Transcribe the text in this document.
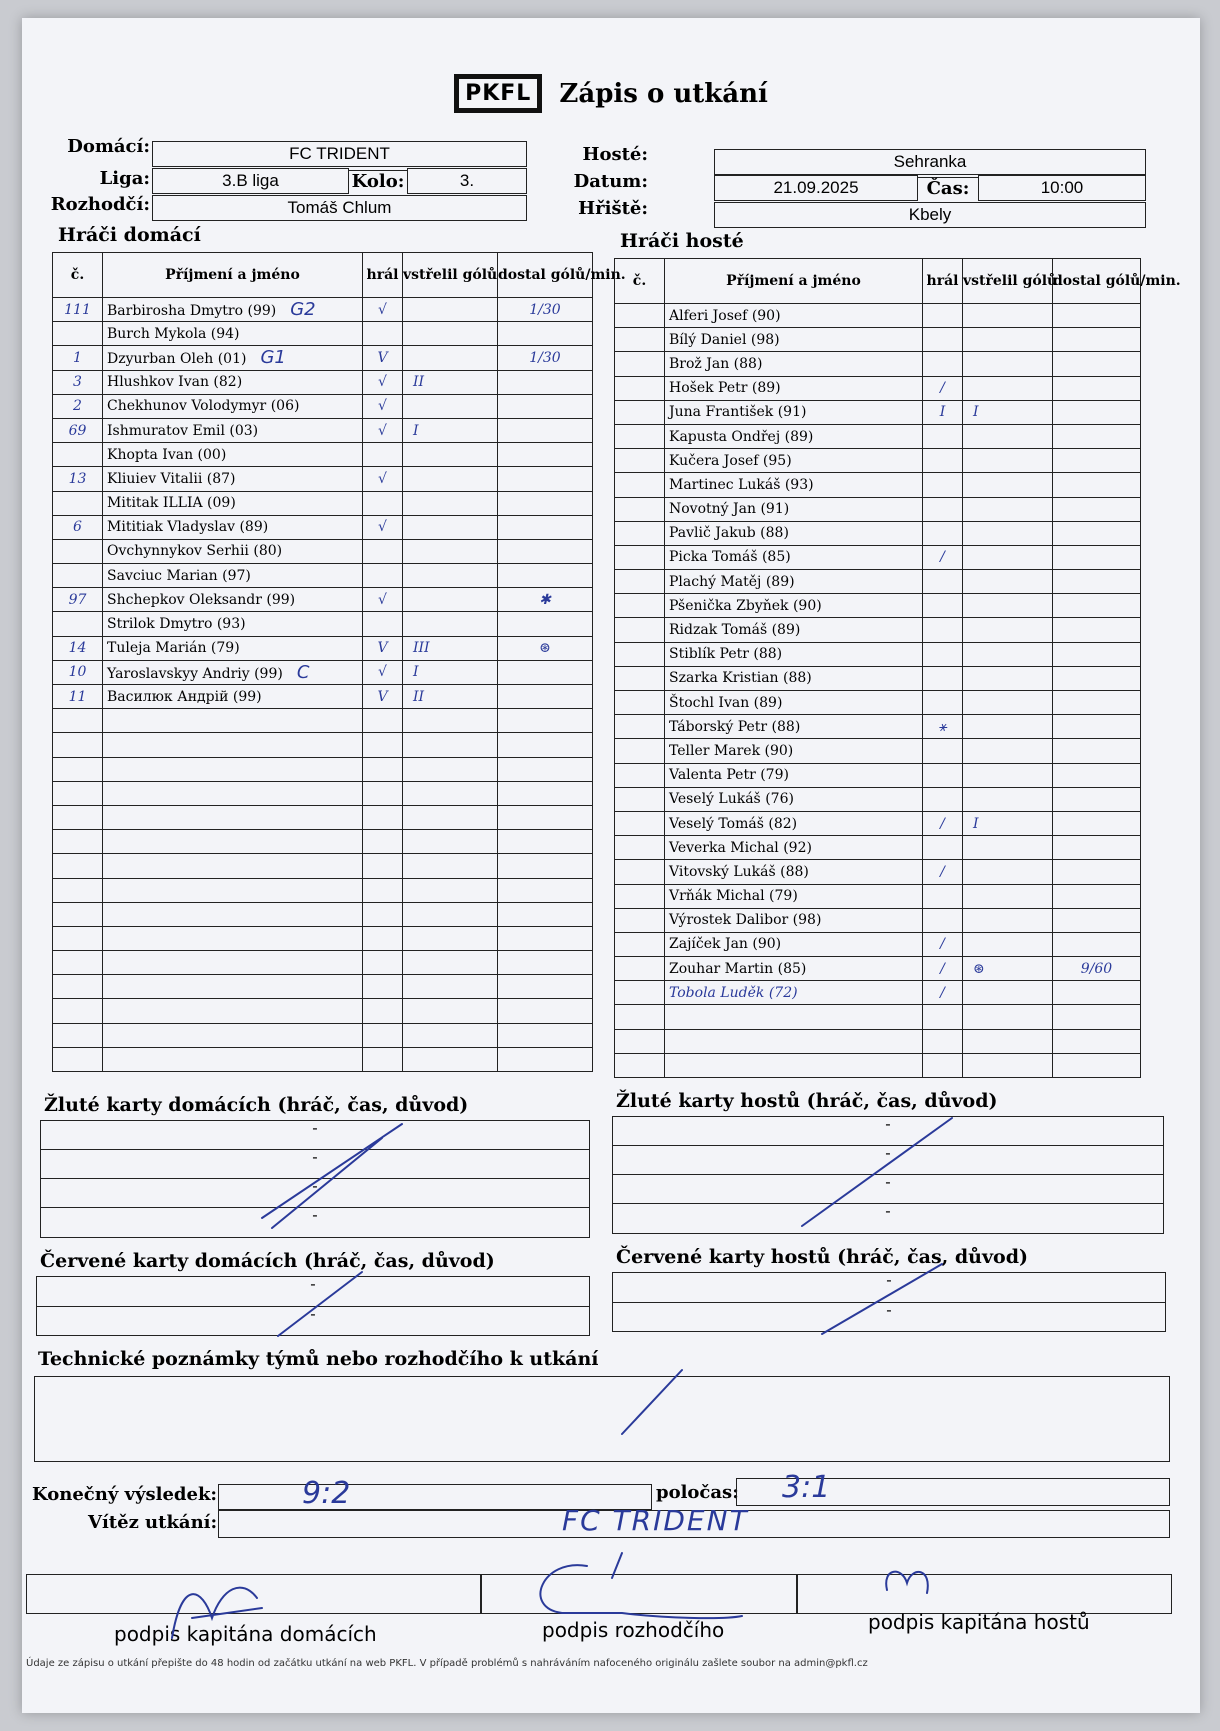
PKFL Zápis o utkání
Domácí:	FC TRIDENT
Liga:	3.B liga	Kolo:	3.
Rozhodčí:	Tomáš Chlum
Hosté:	Sehranka
Datum:	21.09.2025	Čas:	10:00
Hřiště:	Kbely
Hráči domácí	Hráči hosté
č.	Příjmení a jméno	hrál	vstřelil gólů	dostal gólů/min.
111	Barbirosha Dmytro (99) G2	√		1/30
	Burch Mykola (94)			
1	Dzyurban Oleh (01) G1	V		1/30
3	Hlushkov Ivan (82)	√	II	
2	Chekhunov Volodymyr (06)	√		
69	Ishmuratov Emil (03)	√	I	
	Khopta Ivan (00)			
13	Kliuiev Vitalii (87)	√		
	Mititak ILLIA (09)			
6	Mititiak Vladyslav (89)	√		
	Ovchynnykov Serhii (80)			
	Savciuc Marian (97)			
97	Shchepkov Oleksandr (99)	√		✱
	Strilok Dmytro (93)			
14	Tuleja Marián (79)	V	III	⊛
10	Yaroslavskyy Andriy (99) C	√	I	
11	Василюк Андрій (99)	V	II	

č.	Příjmení a jméno	hrál	vstřelil gólů	dostal gólů/min.
	Alferi Josef (90)			
	Bílý Daniel (98)			
	Brož Jan (88)			
	Hošek Petr (89)	/		
	Juna František (91)	I	I	
	Kapusta Ondřej (89)			
	Kučera Josef (95)			
	Martinec Lukáš (93)			
	Novotný Jan (91)			
	Pavlič Jakub (88)			
	Picka Tomáš (85)	/		
	Plachý Matěj (89)			
	Pšenička Zbyňek (90)			
	Ridzak Tomáš (89)			
	Stiblík Petr (88)			
	Szarka Kristian (88)			
	Štochl Ivan (89)			
	Táborský Petr (88)	⚹		
	Teller Marek (90)			
	Valenta Petr (79)			
	Veselý Lukáš (76)			
	Veselý Tomáš (82)	/	I	
	Veverka Michal (92)			
	Vitovský Lukáš (88)	/		
	Vrňák Michal (79)			
	Výrostek Dalibor (98)			
	Zajíček Jan (90)	/		
	Zouhar Martin (85)	/	⊛	9/60
	Tobola Luděk (72)	/		

Žluté karty domácích (hráč, čas, důvod)
-
-
-
-
Žluté karty hostů (hráč, čas, důvod)
-
-
-
-
Červené karty domácích (hráč, čas, důvod)
-
-
Červené karty hostů (hráč, čas, důvod)
-
-
Technické poznámky týmů nebo rozhodčího k utkání
Konečný výsledek:	9:2	poločas: 3:1
Vítěz utkání:	FC TRIDENT
podpis kapitána domácích	podpis rozhodčího	podpis kapitána hostů
Údaje ze zápisu o utkání přepište do 48 hodin od začátku utkání na web PKFL. V případě problémů s nahráváním nafoceného originálu zašlete soubor na admin@pkfl.cz
